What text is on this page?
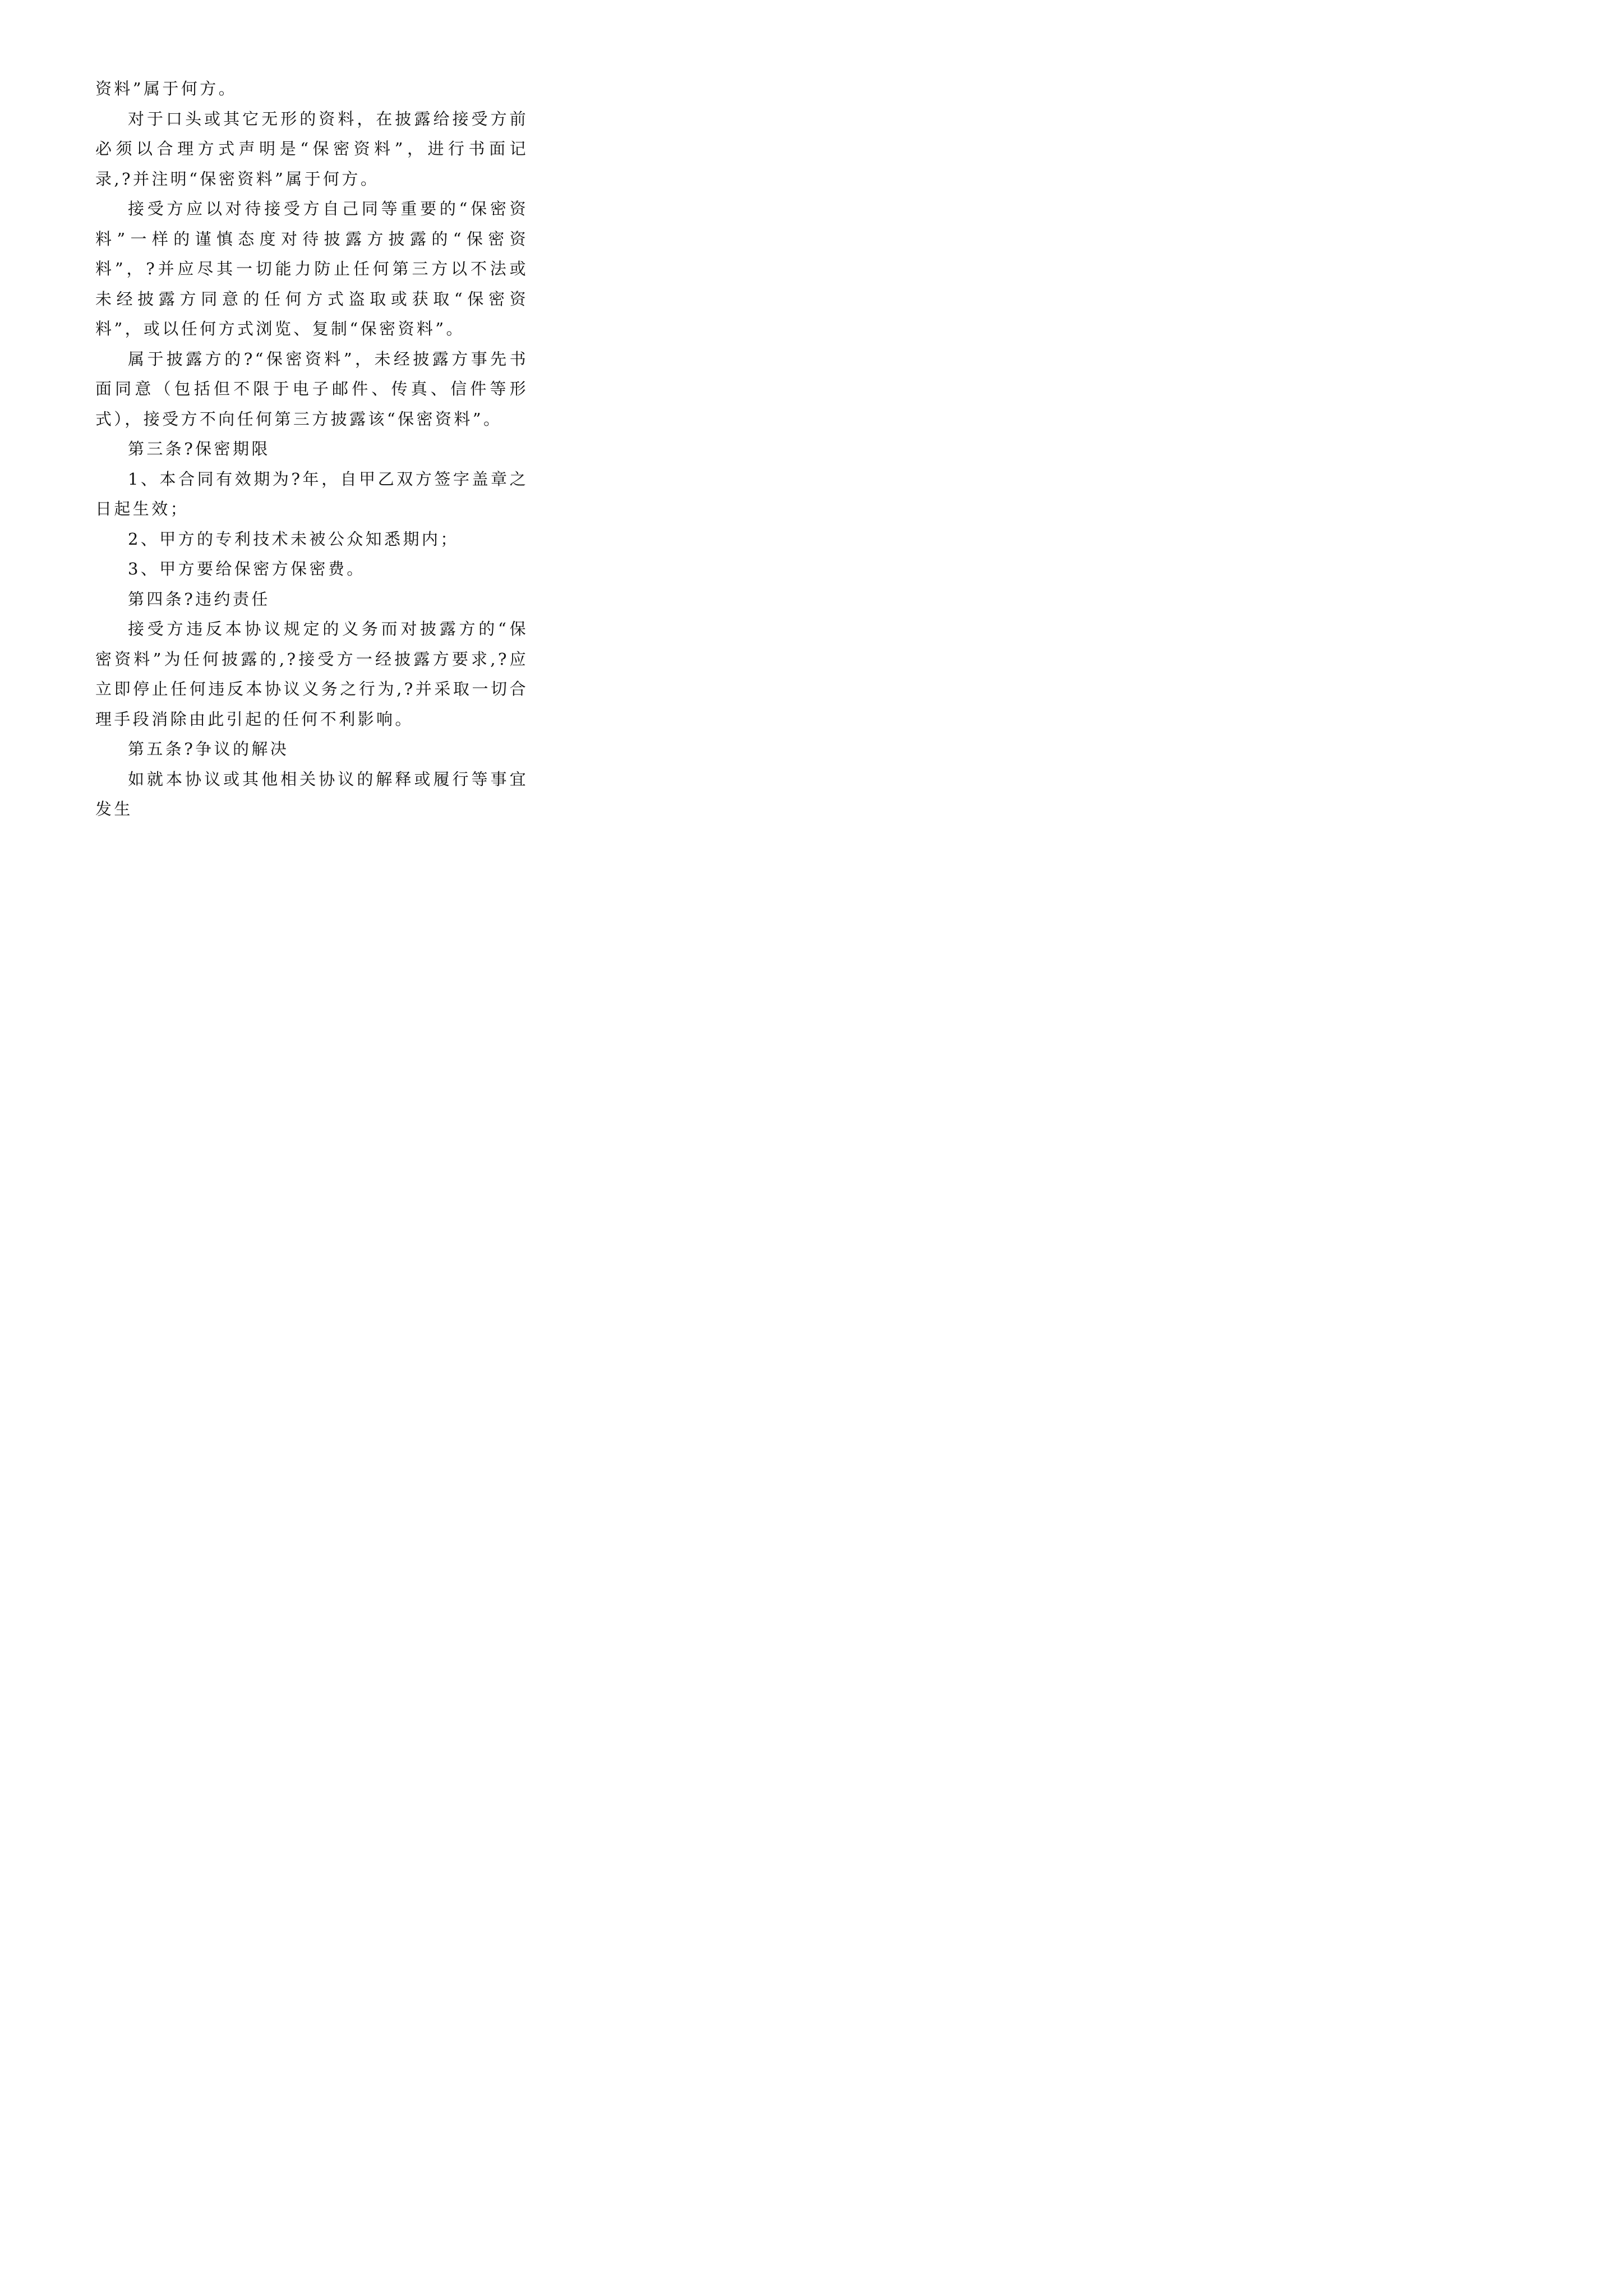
资料”属于何方。

对于口头或其它无形的资料，在披露给接受方前必须以合理方式声明是“保密资料”，进行书面记录,?并注明“保密资料”属于何方。

接受方应以对待接受方自己同等重要的“保密资料”一样的谨慎态度对待披露方披露的“保密资料”，?并应尽其一切能力防止任何第三方以不法或未经披露方同意的任何方式盗取或获取“保密资料”，或以任何方式浏览、复制“保密资料”。

属于披露方的?“保密资料”，未经披露方事先书面同意（包括但不限于电子邮件、传真、信件等形式），接受方不向任何第三方披露该“保密资料”。

第三条?保密期限

1、本合同有效期为?年，自甲乙双方签字盖章之日起生效；

2、甲方的专利技术未被公众知悉期内；

3、甲方要给保密方保密费。

第四条?违约责任

接受方违反本协议规定的义务而对披露方的“保密资料”为任何披露的,?接受方一经披露方要求,?应立即停止任何违反本协议义务之行为,?并采取一切合理手段消除由此引起的任何不利影响。

第五条?争议的解决

如就本协议或其他相关协议的解释或履行等事宜发生
